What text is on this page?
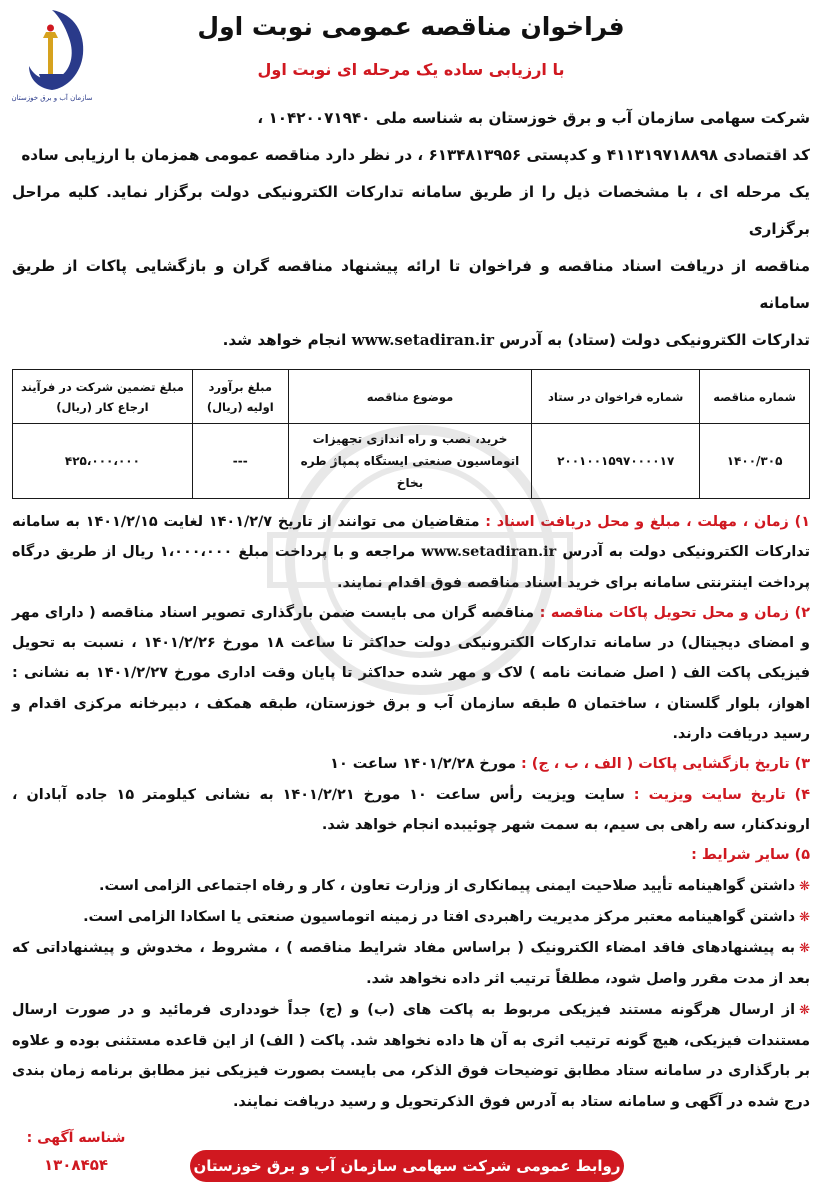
فراخوان مناقصه عمومی نوبت اول
با ارزیابی ساده یک مرحله ای نوبت اول
سازمان آب و برق خوزستان

شرکت سهامی سازمان آب و برق خوزستان به شناسه ملی ۱۰۴۲۰۰۷۱۹۴۰ ،

کد اقتصادی ۴۱۱۳۱۹۷۱۸۸۹۸ و کدپستی ۶۱۳۴۸۱۳۹۵۶ ، در نظر دارد مناقصه عمومی همزمان با ارزیابی ساده

یک مرحله ای ، با مشخصات ذیل را از طریق سامانه تدارکات الکترونیکی دولت برگزار نماید. کلیه مراحل برگزاری

مناقصه از دریافت اسناد مناقصه و فراخوان تا ارائه پیشنهاد مناقصه گران و بازگشایی پاکات از طریق سامانه

تدارکات الکترونیکی دولت (ستاد) به آدرس www.setadiran.ir انجام خواهد شد.

شماره مناقصه	شماره فراخوان در ستاد	موضوع مناقصه	مبلغ برآورد اولیه (ریال)	مبلغ تضمین شرکت در فرآیند ارجاع کار (ریال)
۱۴۰۰/۳۰۵	۲۰۰۱۰۰۱۵۹۷۰۰۰۰۱۷	خرید، نصب و راه اندازی تجهیزات اتوماسیون صنعتی ایستگاه پمپاژ طره بخاخ	---	۴۲۵،۰۰۰،۰۰۰

۱) زمان ، مهلت ، مبلغ و محل دریافت اسناد : متقاضیان می توانند از تاریخ ۱۴۰۱/۲/۷ لغایت ۱۴۰۱/۲/۱۵ به سامانه تدارکات الکترونیکی دولت به آدرس www.setadiran.ir مراجعه و با پرداخت مبلغ ۱،۰۰۰،۰۰۰ ریال از طریق درگاه پرداخت اینترنتی سامانه برای خرید اسناد مناقصه فوق اقدام نمایند.

۲) زمان و محل تحویل پاکات مناقصه : مناقصه گران می بایست ضمن بارگذاری تصویر اسناد مناقصه ( دارای مهر و امضای دیجیتال) در سامانه تدارکات الکترونیکی دولت حداکثر تا ساعت ۱۸ مورخ ۱۴۰۱/۲/۲۶ ، نسبت به تحویل فیزیکی پاکت الف ( اصل ضمانت نامه ) لاک و مهر شده حداکثر تا پایان وقت اداری مورخ ۱۴۰۱/۲/۲۷ به نشانی : اهواز، بلوار گلستان ، ساختمان ۵ طبقه سازمان آب و برق خوزستان، طبقه همکف ، دبیرخانه مرکزی اقدام و رسید دریافت دارند.

۳) تاریخ بازگشایی پاکات ( الف ، ب ، ج) : مورخ ۱۴۰۱/۲/۲۸ ساعت ۱۰

۴) تاریخ سایت ویزیت : سایت ویزیت رأس ساعت ۱۰ مورخ ۱۴۰۱/۲/۲۱ به نشانی کیلومتر ۱۵ جاده آبادان ، اروندکنار، سه راهی بی سیم، به سمت شهر چوئیبده انجام خواهد شد.

۵) سایر شرایط :

❋داشتن گواهینامه تأیید صلاحیت ایمنی پیمانکاری از وزارت تعاون ، کار و رفاه اجتماعی الزامی است.

❋داشتن گواهینامه معتبر مرکز مدیریت راهبردی افتا در زمینه اتوماسیون صنعتی یا اسکادا الزامی است.

❋به پیشنهادهای فاقد امضاء الکترونیک ( براساس مفاد شرایط مناقصه ) ، مشروط ، مخدوش و پیشنهاداتی که بعد از مدت مقرر واصل شود، مطلقاً ترتیب اثر داده نخواهد شد.

❋از ارسال هرگونه مستند فیزیکی مربوط به پاکت های (ب) و (ج) جداً خودداری فرمائید و در صورت ارسال مستندات فیزیکی، هیچ گونه ترتیب اثری به آن ها داده نخواهد شد. پاکت ( الف) از این قاعده مستثنی بوده و علاوه بر بارگذاری در سامانه ستاد مطابق توضیحات فوق الذکر، می بایست بصورت فیزیکی نیز مطابق برنامه زمان بندی درج شده در آگهی و سامانه ستاد به آدرس فوق الذکرتحویل و رسید دریافت نمایند.

شناسه آگهی :
۱۳۰۸۴۵۴	روابط عمومی شرکت سهامی سازمان آب و برق خوزستان
